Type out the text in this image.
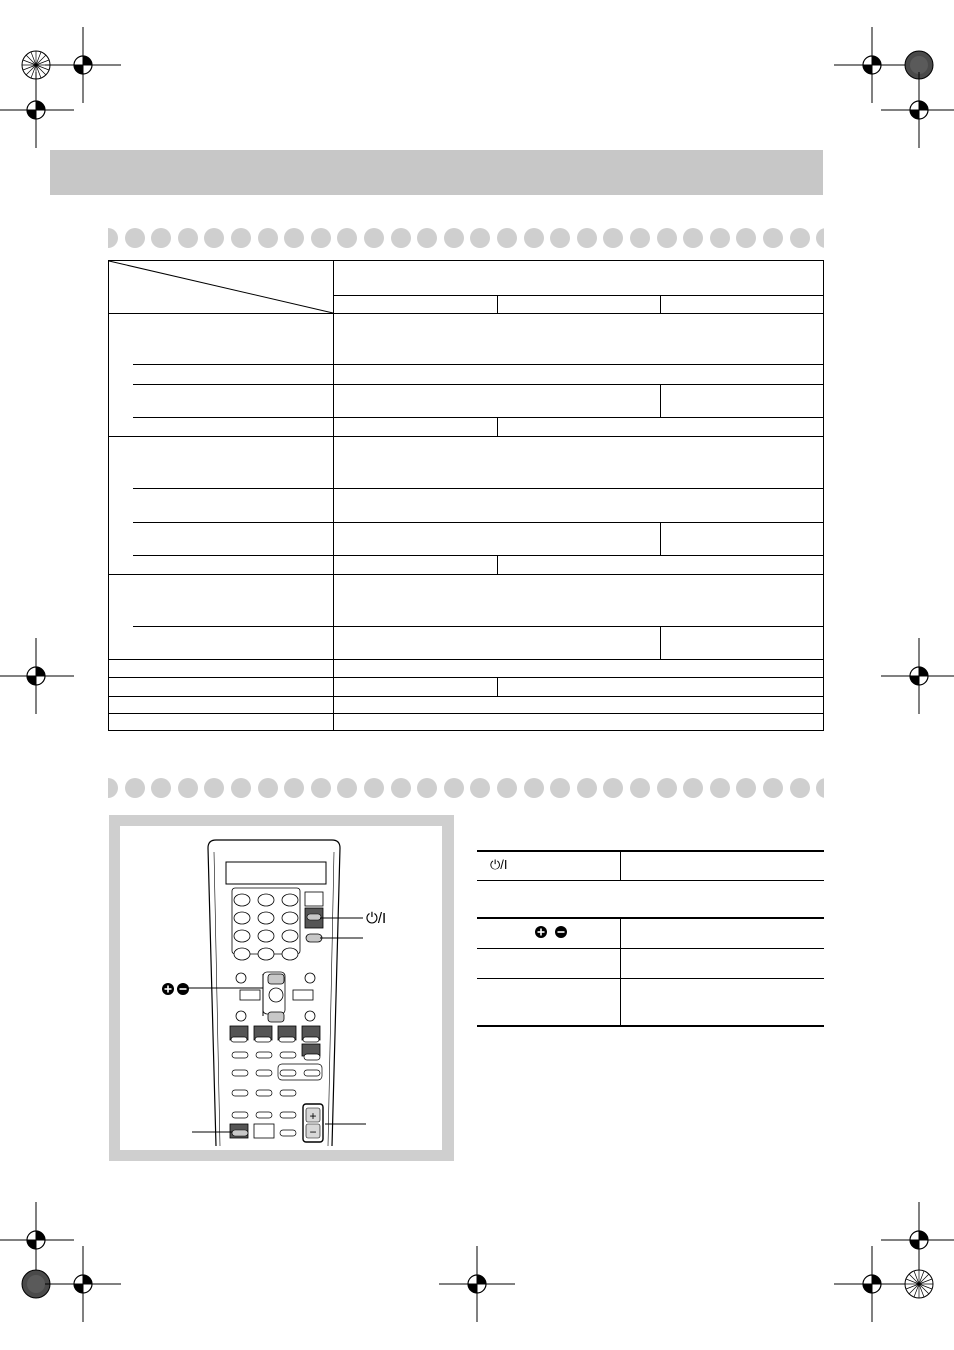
+
−
⏻/I
⏻/I
